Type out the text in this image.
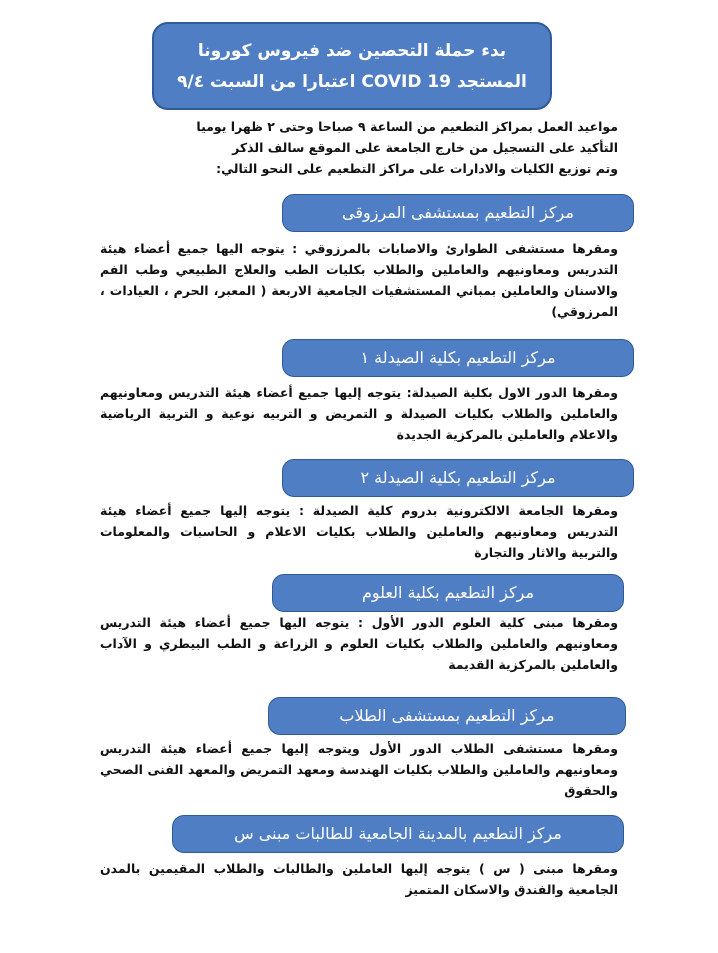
بدء حملة التحصين ضد فيروس كورونا
المستجد COVID 19 اعتبارا من السبت ٩/٤

مواعيد العمل بمراكز التطعيم من الساعة ٩ صباحا وحتى ٢ ظهرا يوميا
التأكيد على التسجيل من خارج الجامعة على الموقع سالف الذكر
وتم توزيع الكليات والادارات على مراكز التطعيم على النحو التالي:

مركز التطعيم بمستشفى المرزوقى

ومقرها مستشفى الطوارئ والاصابات بالمرزوقي : يتوجه اليها جميع أعضاء هيئة التدريس ومعاونيهم والعاملين والطلاب بكليات الطب والعلاج الطبيعي وطب الفم والاسنان والعاملين بمباني المستشفيات الجامعية الاربعة ( المعبر، الحرم ، العيادات ، المرزوقي)

مركز التطعيم بكلية الصيدلة ١

ومقرها الدور الاول بكلية الصيدلة: يتوجه إليها جميع أعضاء هيئة التدريس ومعاونيهم والعاملين والطلاب بكليات الصيدلة و التمريض و التربيه نوعية و التربية الرياضية والاعلام والعاملين بالمركزية الجديدة

مركز التطعيم بكلية الصيدلة ٢

ومقرها الجامعة الالكترونية بدروم كلية الصيدلة : يتوجه إليها جميع أعضاء هيئة التدريس ومعاونيهم والعاملين والطلاب بكليات الاعلام و الحاسبات والمعلومات والتربية والاثار والتجارة

مركز التطعيم بكلية العلوم

ومقرها مبنى كلية العلوم الدور الأول : يتوجه اليها جميع أعضاء هيئة التدريس ومعاونيهم والعاملين والطلاب بكليات العلوم و الزراعة و الطب البيطري و الآداب والعاملين بالمركزية القديمة

مركز التطعيم بمستشفى الطلاب

ومقرها مستشفى الطلاب الدور الأول ويتوجه إليها جميع أعضاء هيئة التدريس ومعاونيهم والعاملين والطلاب بكليات الهندسة ومعهد التمريض والمعهد الفنى الصحي والحقوق

مركز التطعيم بالمدينة الجامعية للطالبات مبنى س

ومقرها مبنى ( س ) يتوجه إليها العاملين والطالبات والطلاب المقيمين بالمدن الجامعية والفندق والاسكان المتميز
